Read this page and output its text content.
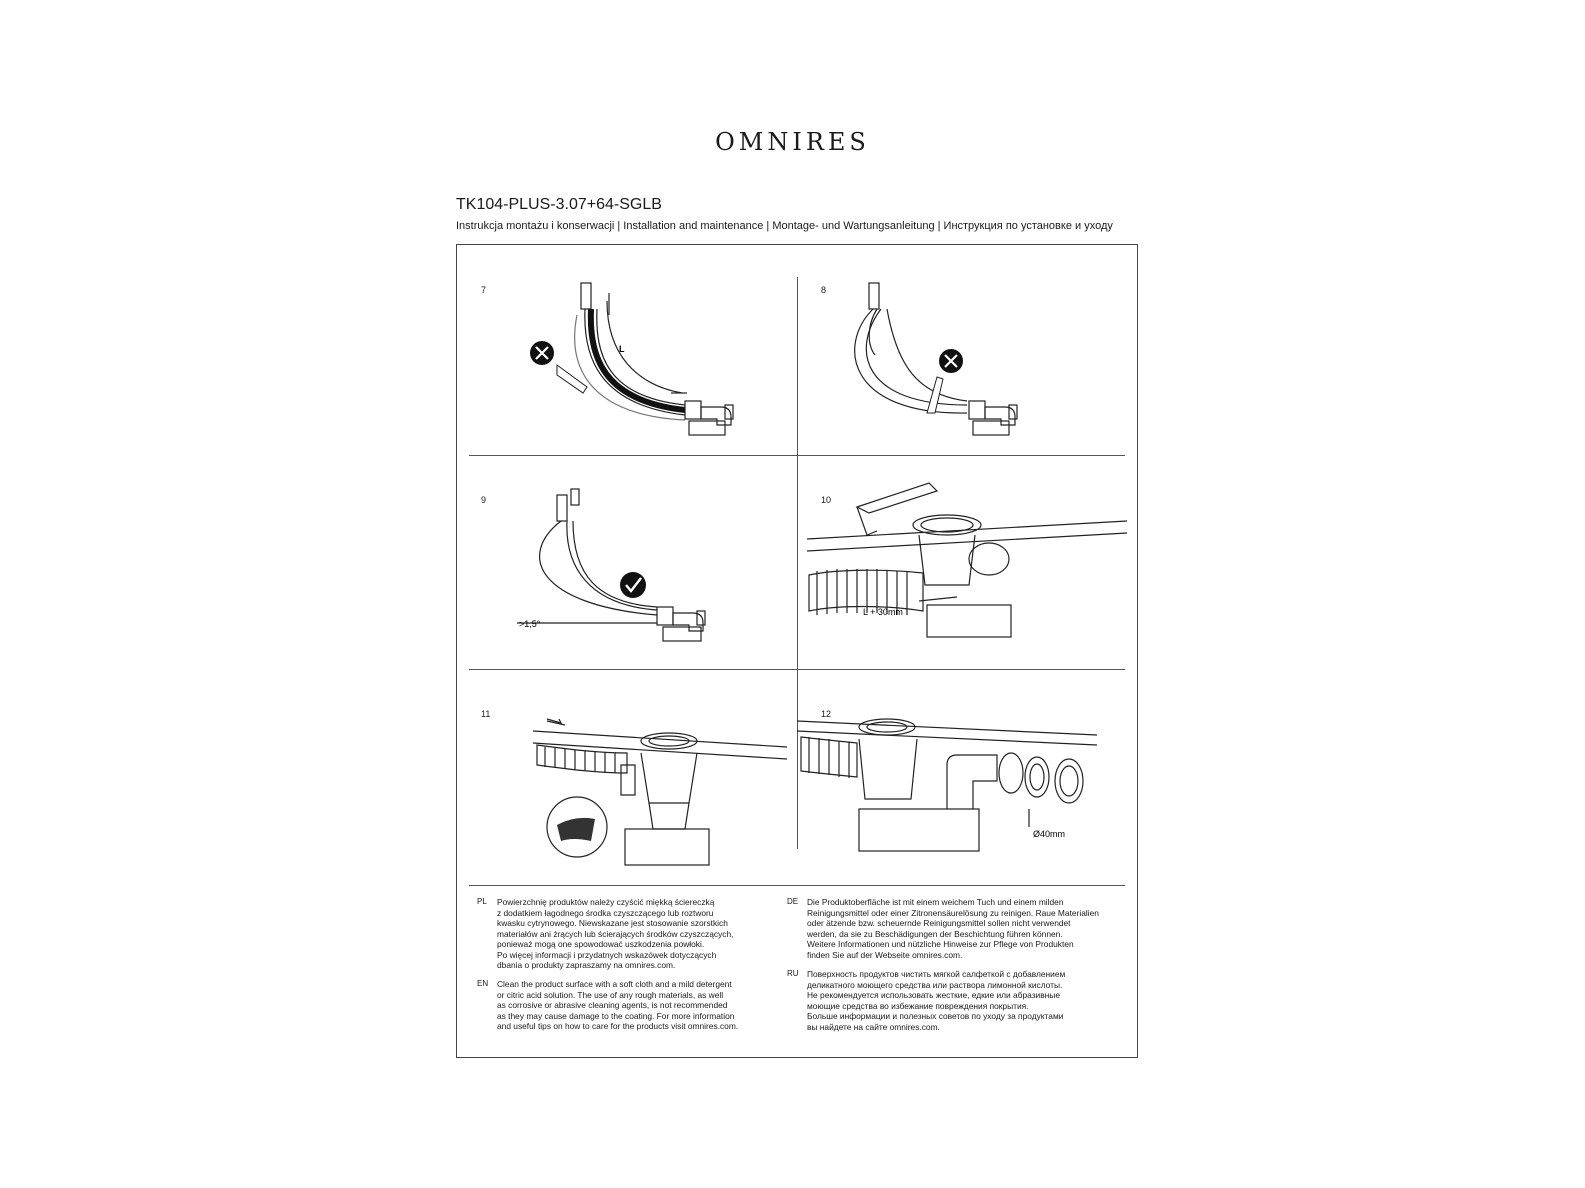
OMNIRES
TK104-PLUS-3.07+64-SGLB
Instrukcja montażu i konserwacji | Installation and maintenance | Montage- und Wartungsanleitung | Инструкция по установке и уходу
7
L
8
9
>1,5°
10
L + 30mm
11	12
Ø40mm
PL Powierzchnię produktów należy czyścić miękką ściereczką
z dodatkiem łagodnego środka czyszczącego lub roztworu
kwasku cytrynowego. Niewskazane jest stosowanie szorstkich
materiałów ani żrących lub ścierających środków czyszczących,
ponieważ mogą one spowodować uszkodzenia powłoki.
Po więcej informacji i przydatnych wskazówek dotyczących
dbania o produkty zapraszamy na omnires.com.
EN Clean the product surface with a soft cloth and a mild detergent
or citric acid solution. The use of any rough materials, as well
as corrosive or abrasive cleaning agents, is not recommended
as they may cause damage to the coating. For more information
and useful tips on how to care for the products visit omnires.com.
DE Die Produktoberfläche ist mit einem weichem Tuch und einem milden
Reinigungsmittel oder einer Zitronensäurelösung zu reinigen. Raue Materialien
oder ätzende bzw. scheuernde Reinigungsmittel sollen nicht verwendet
werden, da sie zu Beschädigungen der Beschichtung führen können.
Weitere Informationen und nützliche Hinweise zur Pflege von Produkten
finden Sie auf der Webseite omnires.com.
RU Поверхность продуктов чистить мягкой салфеткой с добавлением
деликатного моющего средства или раствора лимонной кислоты.
Не рекомендуется использовать жесткие, едкие или абразивные
моющие средства во избежание повреждения покрытия.
Больше информации и полезных советов по уходу за продуктами
вы найдете на сайте omnires.com.
